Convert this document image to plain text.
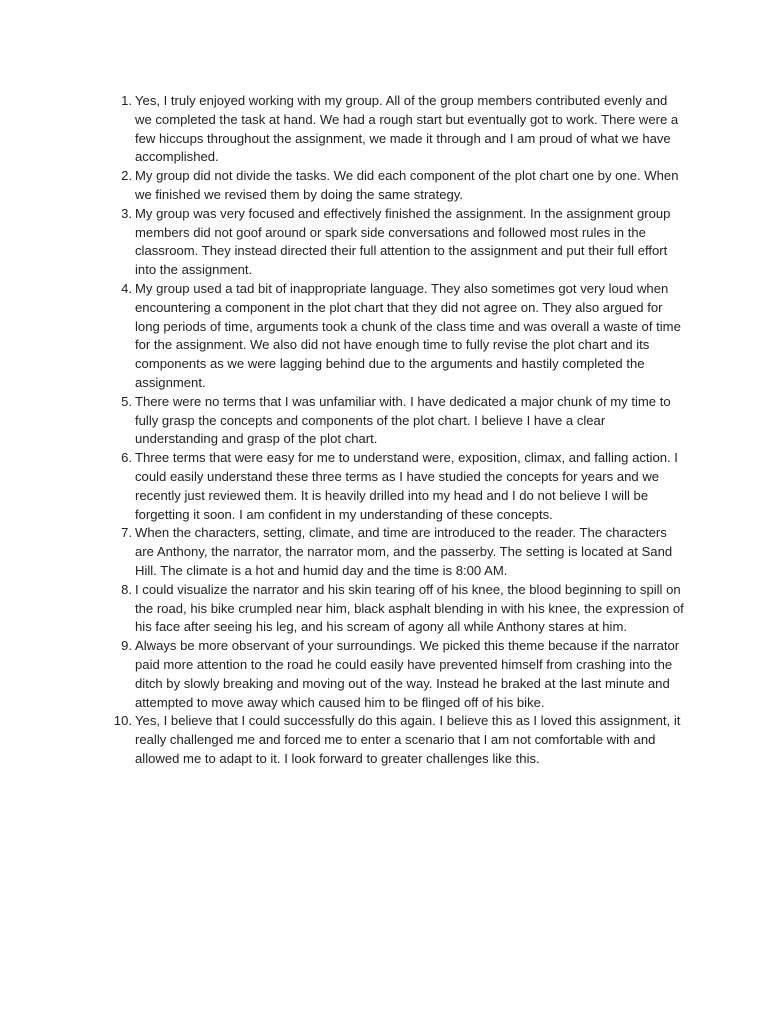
1. Yes, I truly enjoyed working with my group. All of the group members contributed evenly and we completed the task at hand. We had a rough start but eventually got to work. There were a few hiccups throughout the assignment, we made it through and I am proud of what we have accomplished.
2. My group did not divide the tasks. We did each component of the plot chart one by one. When we finished we revised them by doing the same strategy.
3. My group was very focused and effectively finished the assignment. In the assignment group members did not goof around or spark side conversations and followed most rules in the classroom. They instead directed their full attention to the assignment and put their full effort into the assignment.
4. My group used a tad bit of inappropriate language. They also sometimes got very loud when encountering a component in the plot chart that they did not agree on. They also argued for long periods of time, arguments took a chunk of the class time and was overall a waste of time for the assignment. We also did not have enough time to fully revise the plot chart and its components as we were lagging behind due to the arguments and hastily completed the assignment.
5. There were no terms that I was unfamiliar with. I have dedicated a major chunk of my time to fully grasp the concepts and components of the plot chart. I believe I have a clear understanding and grasp of the plot chart.
6. Three terms that were easy for me to understand were, exposition, climax, and falling action. I could easily understand these three terms as I have studied the concepts for years and we recently just reviewed them. It is heavily drilled into my head and I do not believe I will be forgetting it soon. I am confident in my understanding of these concepts.
7. When the characters, setting, climate, and time are introduced to the reader. The characters are Anthony, the narrator, the narrator mom, and the passerby. The setting is located at Sand Hill. The climate is a hot and humid day and the time is 8:00 AM.
8. I could visualize the narrator and his skin tearing off of his knee, the blood beginning to spill on the road, his bike crumpled near him, black asphalt blending in with his knee, the expression of his face after seeing his leg, and his scream of agony all while Anthony stares at him.
9. Always be more observant of your surroundings. We picked this theme because if the narrator paid more attention to the road he could easily have prevented himself from crashing into the ditch by slowly breaking and moving out of the way. Instead he braked at the last minute and attempted to move away which caused him to be flinged off of his bike.
10. Yes, I believe that I could successfully do this again. I believe this as I loved this assignment, it really challenged me and forced me to enter a scenario that I am not comfortable with and allowed me to adapt to it. I look forward to greater challenges like this.
